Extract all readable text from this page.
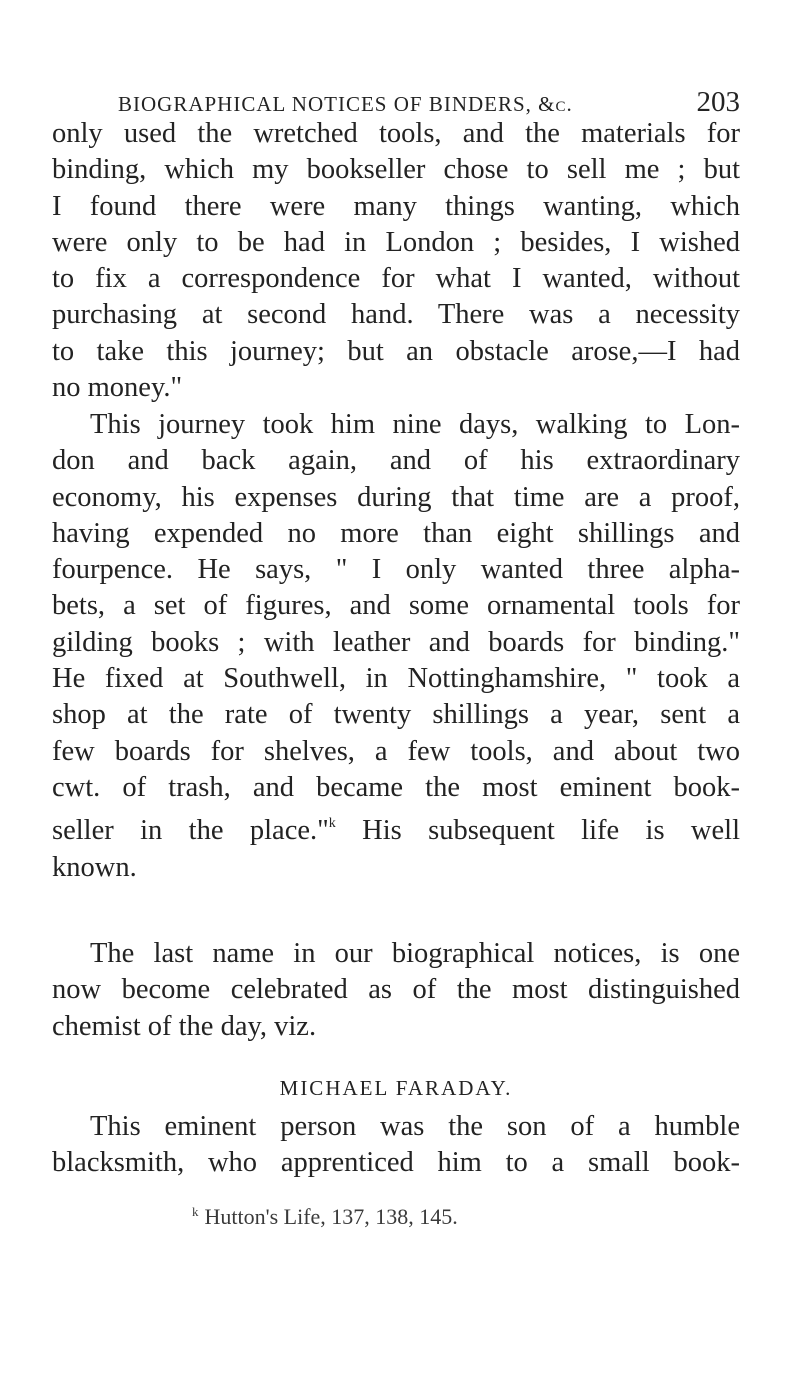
BIOGRAPHICAL NOTICES OF BINDERS, &c.	203
only used the wretched tools, and the materials for
binding, which my bookseller chose to sell me ; but
I found there were many things wanting, which
were only to be had in London ; besides, I wished
to fix a correspondence for what I wanted, without
purchasing at second hand. There was a necessity
to take this journey; but an obstacle arose,—I had
no money."
This journey took him nine days, walking to Lon-
don and back again, and of his extraordinary
economy, his expenses during that time are a proof,
having expended no more than eight shillings and
fourpence. He says, " I only wanted three alpha-
bets, a set of figures, and some ornamental tools for
gilding books ; with leather and boards for binding."
He fixed at Southwell, in Nottinghamshire, " took a
shop at the rate of twenty shillings a year, sent a
few boards for shelves, a few tools, and about two
cwt. of trash, and became the most eminent book-
seller in the place."$^k$ His subsequent life is well
known.
The last name in our biographical notices, is one
now become celebrated as of the most distinguished
chemist of the day, viz.
MICHAEL FARADAY.
This eminent person was the son of a humble
blacksmith, who apprenticed him to a small book-
$^k$ Hutton's Life, 137, 138, 145.
